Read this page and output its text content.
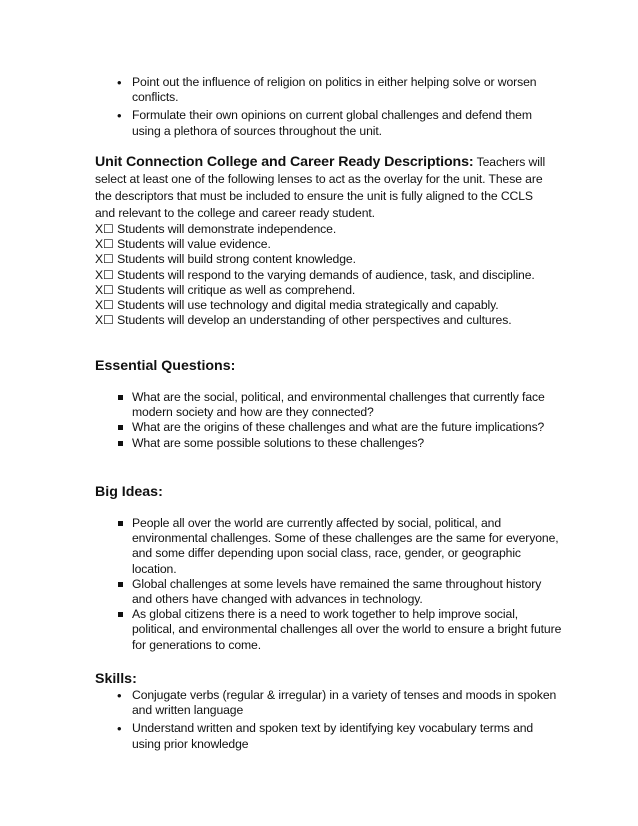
• Point out the influence of religion on politics in either helping solve or worsen conflicts.
• Formulate their own opinions on current global challenges and defend them using a plethora of sources throughout the unit.
Unit Connection College and Career Ready Descriptions: Teachers will select at least one of the following lenses to act as the overlay for the unit. These are the descriptors that must be included to ensure the unit is fully aligned to the CCLS and relevant to the college and career ready student.
X☐ Students will demonstrate independence.
X☐ Students will value evidence.
X☐ Students will build strong content knowledge.
X☐ Students will respond to the varying demands of audience, task, and discipline.
X☐ Students will critique as well as comprehend.
X☐ Students will use technology and digital media strategically and capably.
X☐ Students will develop an understanding of other perspectives and cultures.
Essential Questions:
What are the social, political, and environmental challenges that currently face modern society and how are they connected?
What are the origins of these challenges and what are the future implications?
What are some possible solutions to these challenges?
Big Ideas:
People all over the world are currently affected by social, political, and environmental challenges. Some of these challenges are the same for everyone, and some differ depending upon social class, race, gender, or geographic location.
Global challenges at some levels have remained the same throughout history and others have changed with advances in technology.
As global citizens there is a need to work together to help improve social, political, and environmental challenges all over the world to ensure a bright future for generations to come.
Skills:
• Conjugate verbs (regular & irregular) in a variety of tenses and moods in spoken and written language
• Understand written and spoken text by identifying key vocabulary terms and using prior knowledge
